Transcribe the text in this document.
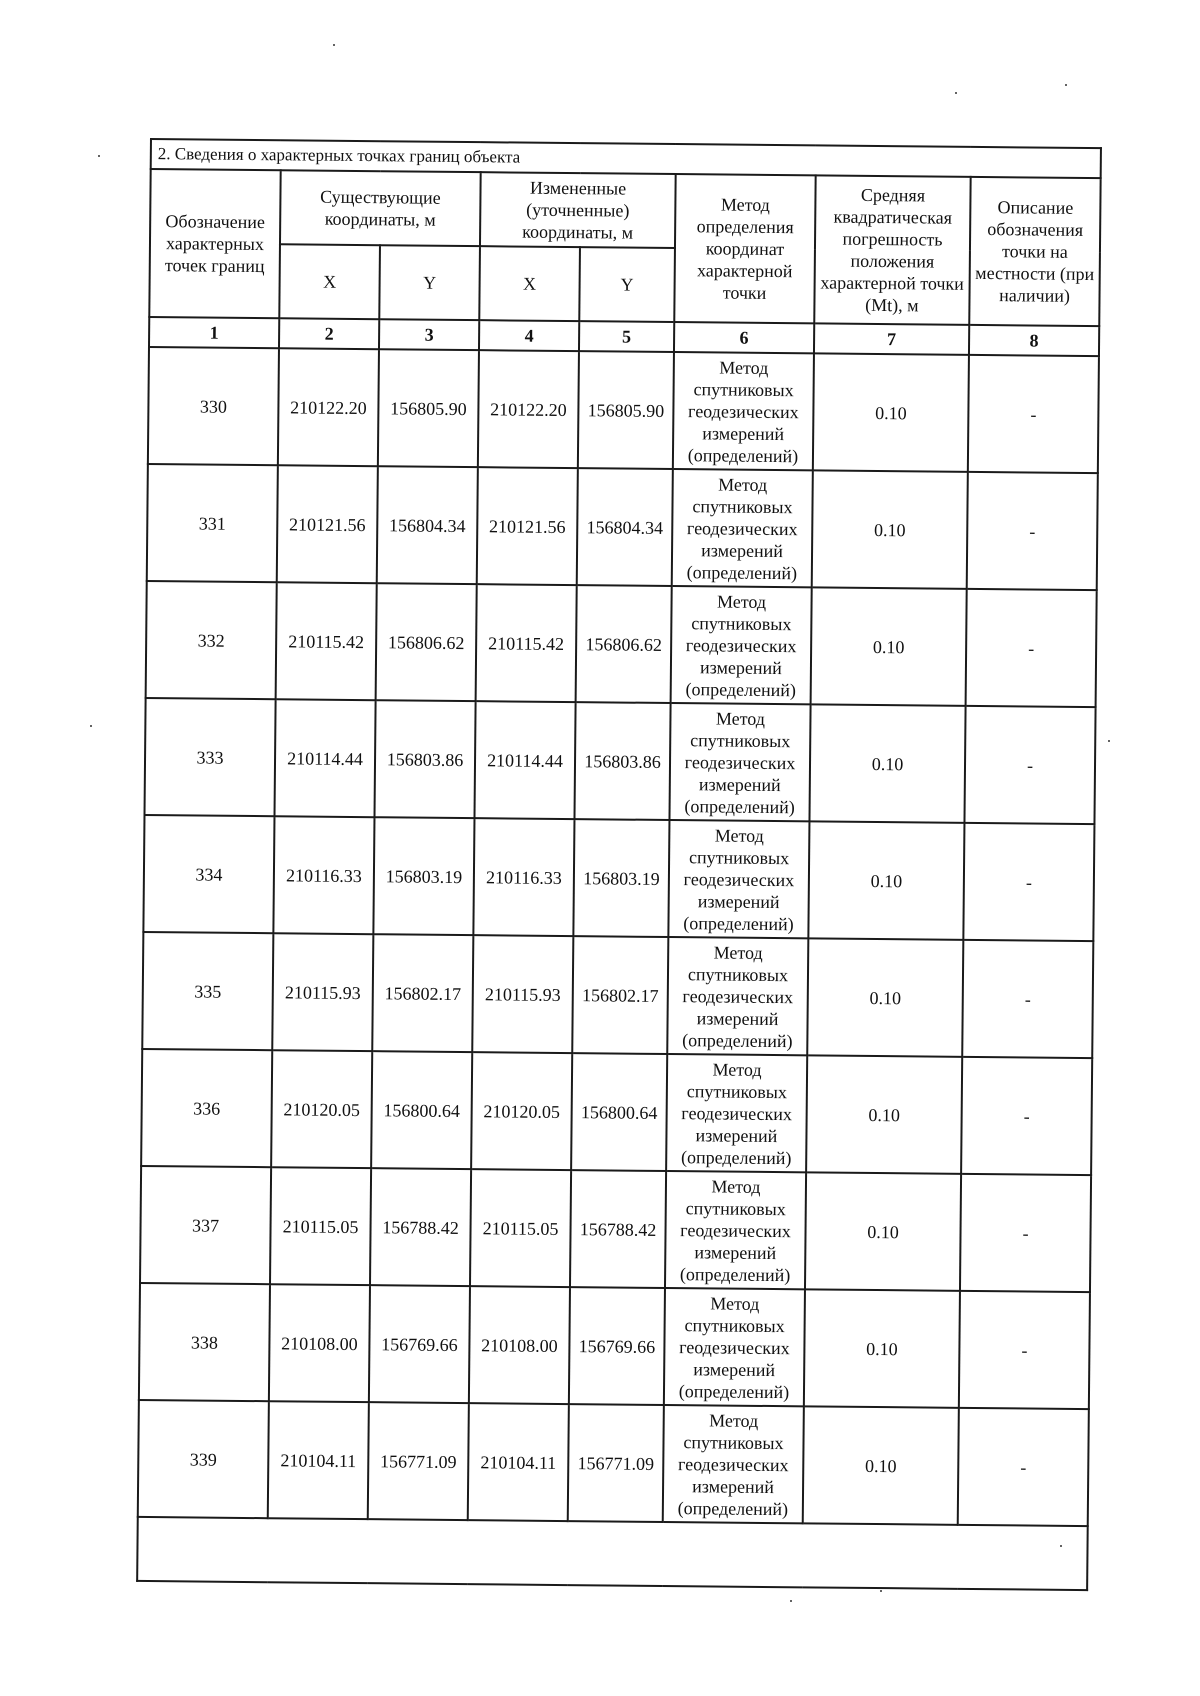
2. Сведения о характерных точках границ объекта							
Обозначение характерных точек границ	Существующие координаты, м		Измененные (уточненные) координаты, м		Метод определения координат характерной точки	Средняя квадратическая погрешность положения характерной точки (Mt), м	Описание обозначения точки на местности (при наличии)
	X	Y	X	Y			
1	2	3	4	5	6	7	8
330	210122.20	156805.90	210122.20	156805.90	Метод спутниковых геодезических измерений (определений)	0.10	-
331	210121.56	156804.34	210121.56	156804.34	Метод спутниковых геодезических измерений (определений)	0.10	-
332	210115.42	156806.62	210115.42	156806.62	Метод спутниковых геодезических измерений (определений)	0.10	-
333	210114.44	156803.86	210114.44	156803.86	Метод спутниковых геодезических измерений (определений)	0.10	-
334	210116.33	156803.19	210116.33	156803.19	Метод спутниковых геодезических измерений (определений)	0.10	-
335	210115.93	156802.17	210115.93	156802.17	Метод спутниковых геодезических измерений (определений)	0.10	-
336	210120.05	156800.64	210120.05	156800.64	Метод спутниковых геодезических измерений (определений)	0.10	-
337	210115.05	156788.42	210115.05	156788.42	Метод спутниковых геодезических измерений (определений)	0.10	-
338	210108.00	156769.66	210108.00	156769.66	Метод спутниковых геодезических измерений (определений)	0.10	-
339	210104.11	156771.09	210104.11	156771.09	Метод спутниковых геодезических измерений (определений)	0.10	-
